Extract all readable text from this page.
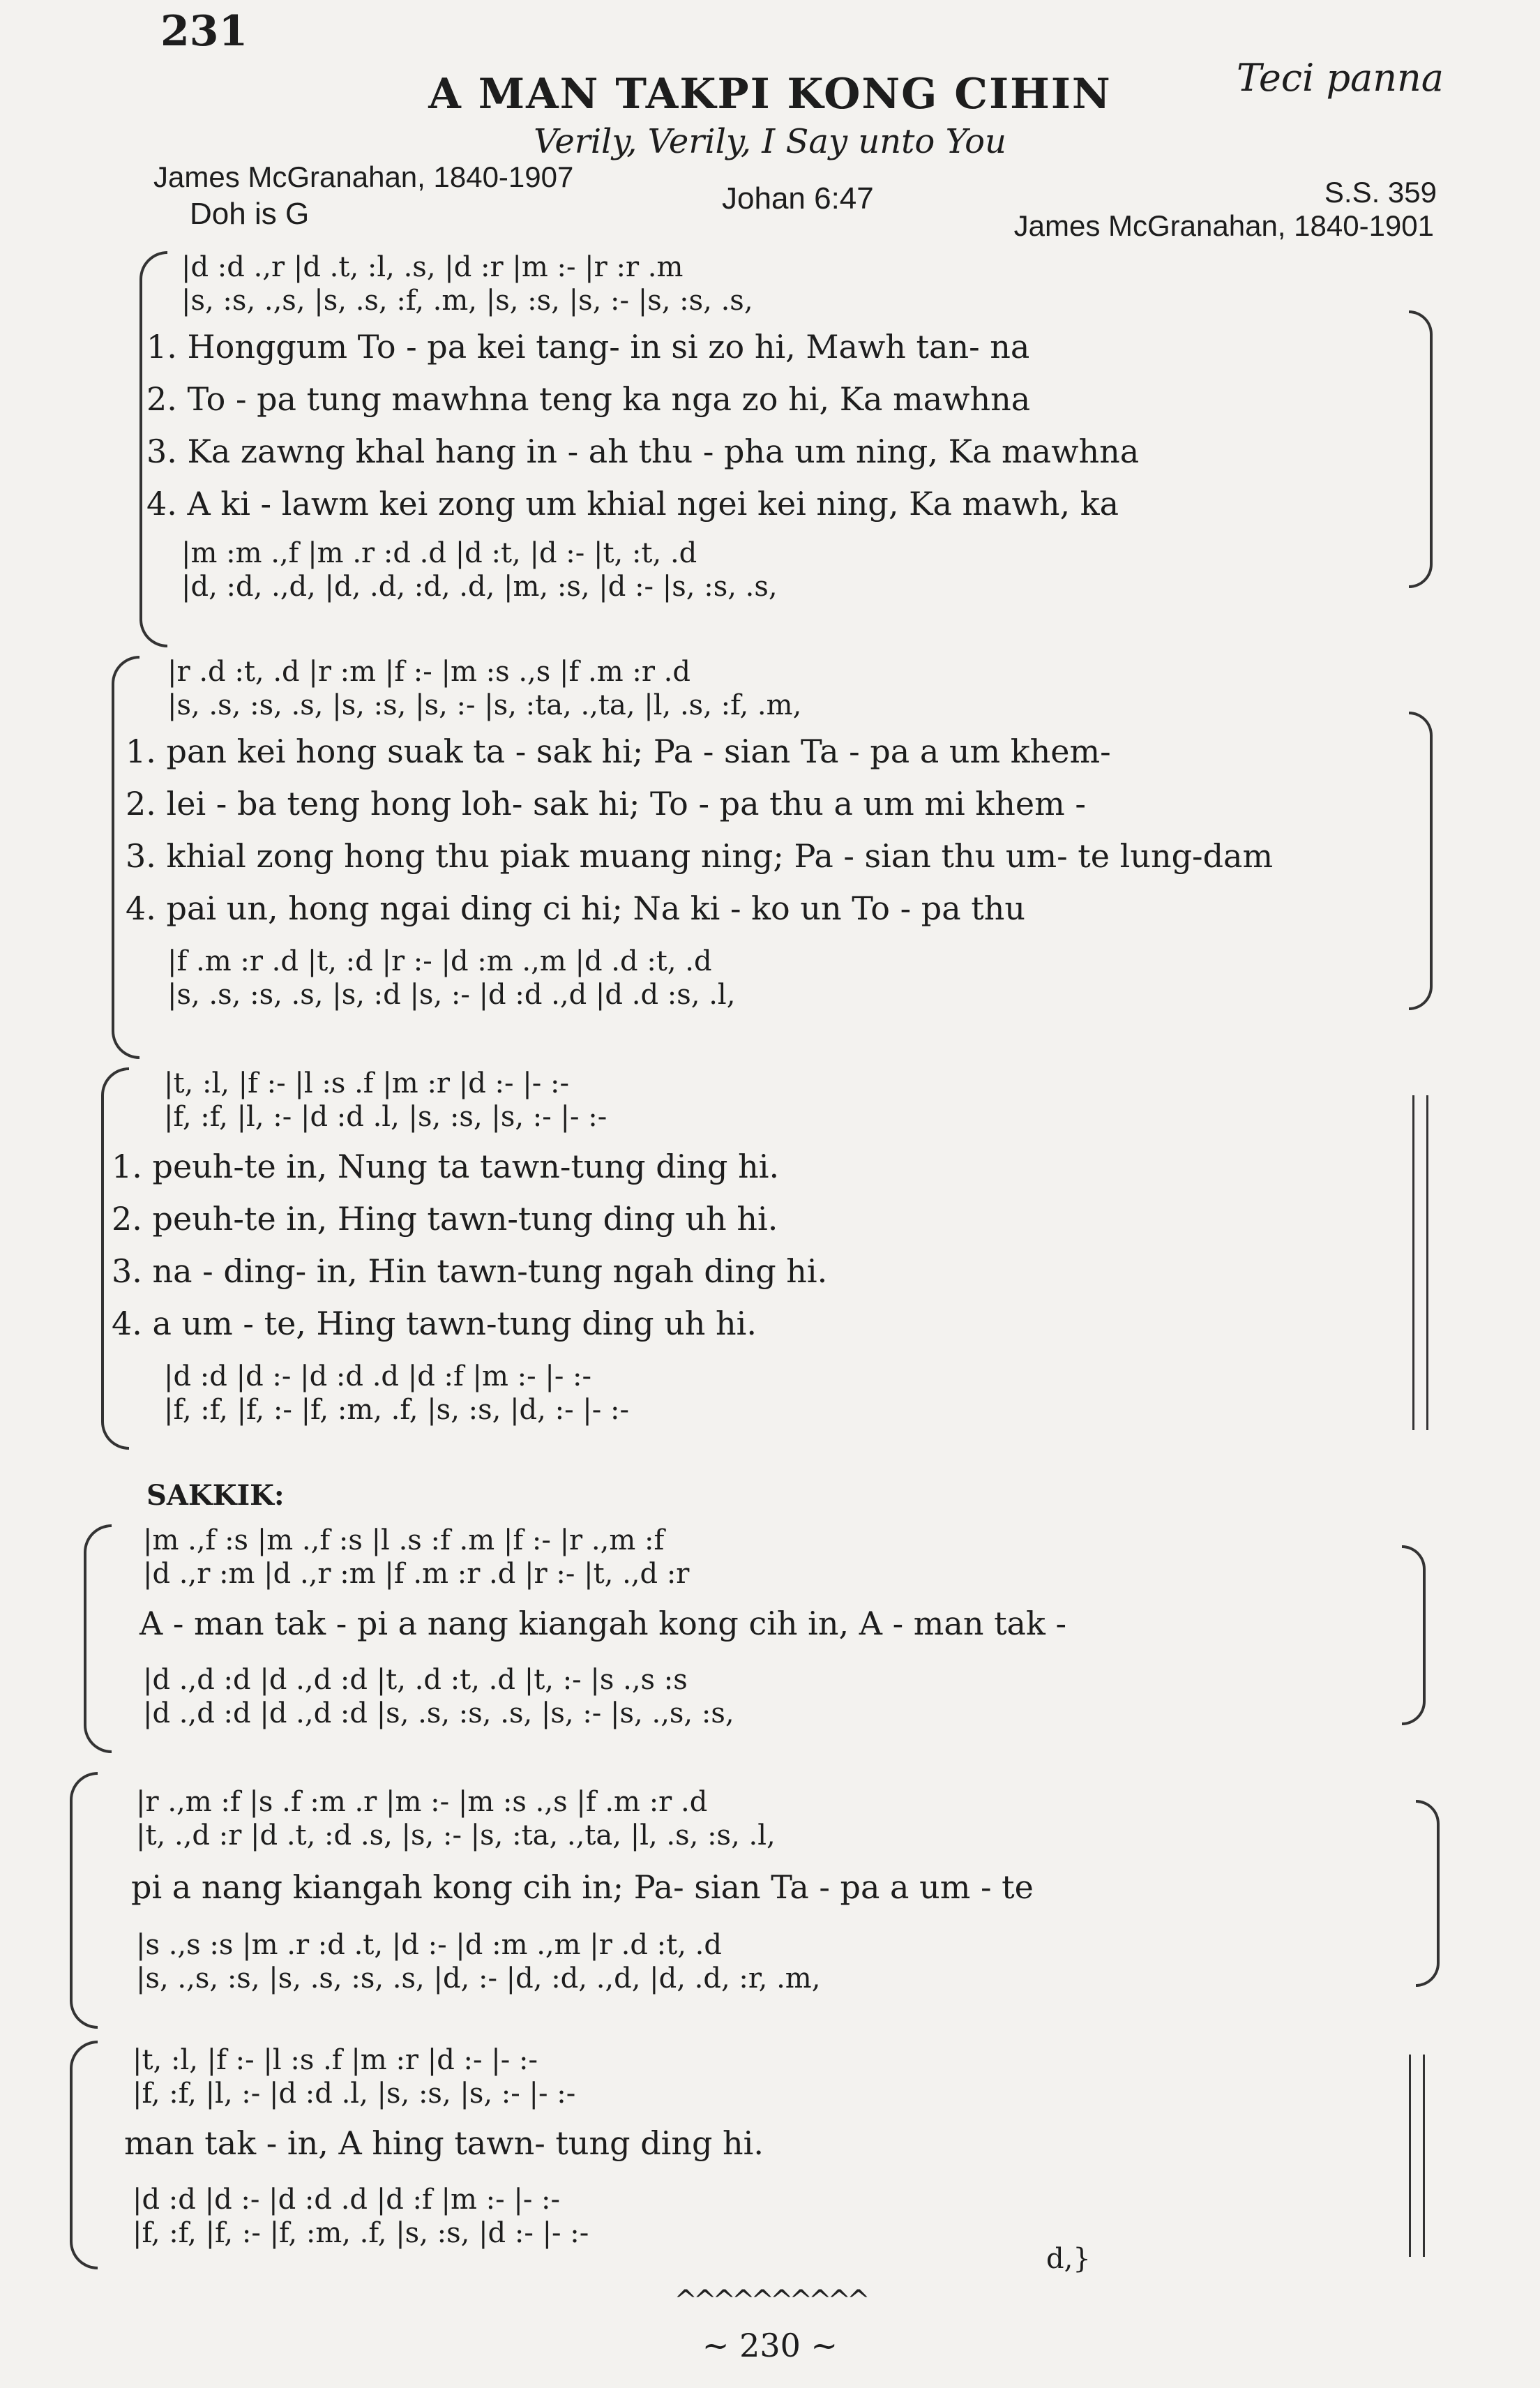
231
Teci panna
A MAN TAKPI KONG CIHIN
Verily, Verily, I Say unto You
James McGranahan, 1840-1907
Johan 6:47	S.S. 359
Doh is G	James McGranahan, 1840-1901
|d :d .,r |d .t, :l, .s, |d :r |m :- |r :r .m
|s, :s, .,s, |s, .s, :f, .m, |s, :s, |s, :- |s, :s, .s,
1. Honggum To - pa kei tang- in si zo hi, Mawh tan- na
2. To - pa tung mawhna teng ka nga zo hi, Ka mawhna
3. Ka zawng khal hang in - ah thu - pha um ning, Ka mawhna
4. A ki - lawm kei zong um khial ngei kei ning, Ka mawh, ka
|m :m .,f |m .r :d .d |d :t, |d :- |t, :t, .d
|d, :d, .,d, |d, .d, :d, .d, |m, :s, |d :- |s, :s, .s,
|r .d :t, .d |r :m |f :- |m :s .,s |f .m :r .d
|s, .s, :s, .s, |s, :s, |s, :- |s, :ta, .,ta, |l, .s, :f, .m,
1. pan kei hong suak ta - sak hi; Pa - sian Ta - pa a um khem-
2. lei - ba teng hong loh- sak hi; To - pa thu a um mi khem -
3. khial zong hong thu piak muang ning; Pa - sian thu um- te lung-dam
4. pai un, hong ngai ding ci hi; Na ki - ko un To - pa thu
|f .m :r .d |t, :d |r :- |d :m .,m |d .d :t, .d
|s, .s, :s, .s, |s, :d |s, :- |d :d .,d |d .d :s, .l,
|t, :l, |f :- |l :s .f |m :r |d :- |- :-
|f, :f, |l, :- |d :d .l, |s, :s, |s, :- |- :-
1. peuh-te in, Nung ta tawn-tung ding hi.
2. peuh-te in, Hing tawn-tung ding uh hi.
3. na - ding- in, Hin tawn-tung ngah ding hi.
4. a um - te, Hing tawn-tung ding uh hi.
|d :d |d :- |d :d .d |d :f |m :- |- :-
|f, :f, |f, :- |f, :m, .f, |s, :s, |d, :- |- :-
SAKKIK:
|m .,f :s |m .,f :s |l .s :f .m |f :- |r .,m :f
|d .,r :m |d .,r :m |f .m :r .d |r :- |t, .,d :r
A - man tak - pi a nang kiangah kong cih in, A - man tak -
|d .,d :d |d .,d :d |t, .d :t, .d |t, :- |s .,s :s
|d .,d :d |d .,d :d |s, .s, :s, .s, |s, :- |s, .,s, :s,
|r .,m :f |s .f :m .r |m :- |m :s .,s |f .m :r .d
|t, .,d :r |d .t, :d .s, |s, :- |s, :ta, .,ta, |l, .s, :s, .l,
pi a nang kiangah kong cih in; Pa- sian Ta - pa a um - te
|s .,s :s |m .r :d .t, |d :- |d :m .,m |r .d :t, .d
|s, .,s, :s, |s, .s, :s, .s, |d, :- |d, :d, .,d, |d, .d, :r, .m,
|t, :l, |f :- |l :s .f |m :r |d :- |- :-
|f, :f, |l, :- |d :d .l, |s, :s, |s, :- |- :-
man tak - in, A hing tawn- tung ding hi.
|d :d |d :- |d :d .d |d :f |m :- |- :-
|f, :f, |f, :- |f, :m, .f, |s, :s, |d :- |- :-
d,}
^^^^^^^^^^
~ 230 ~
